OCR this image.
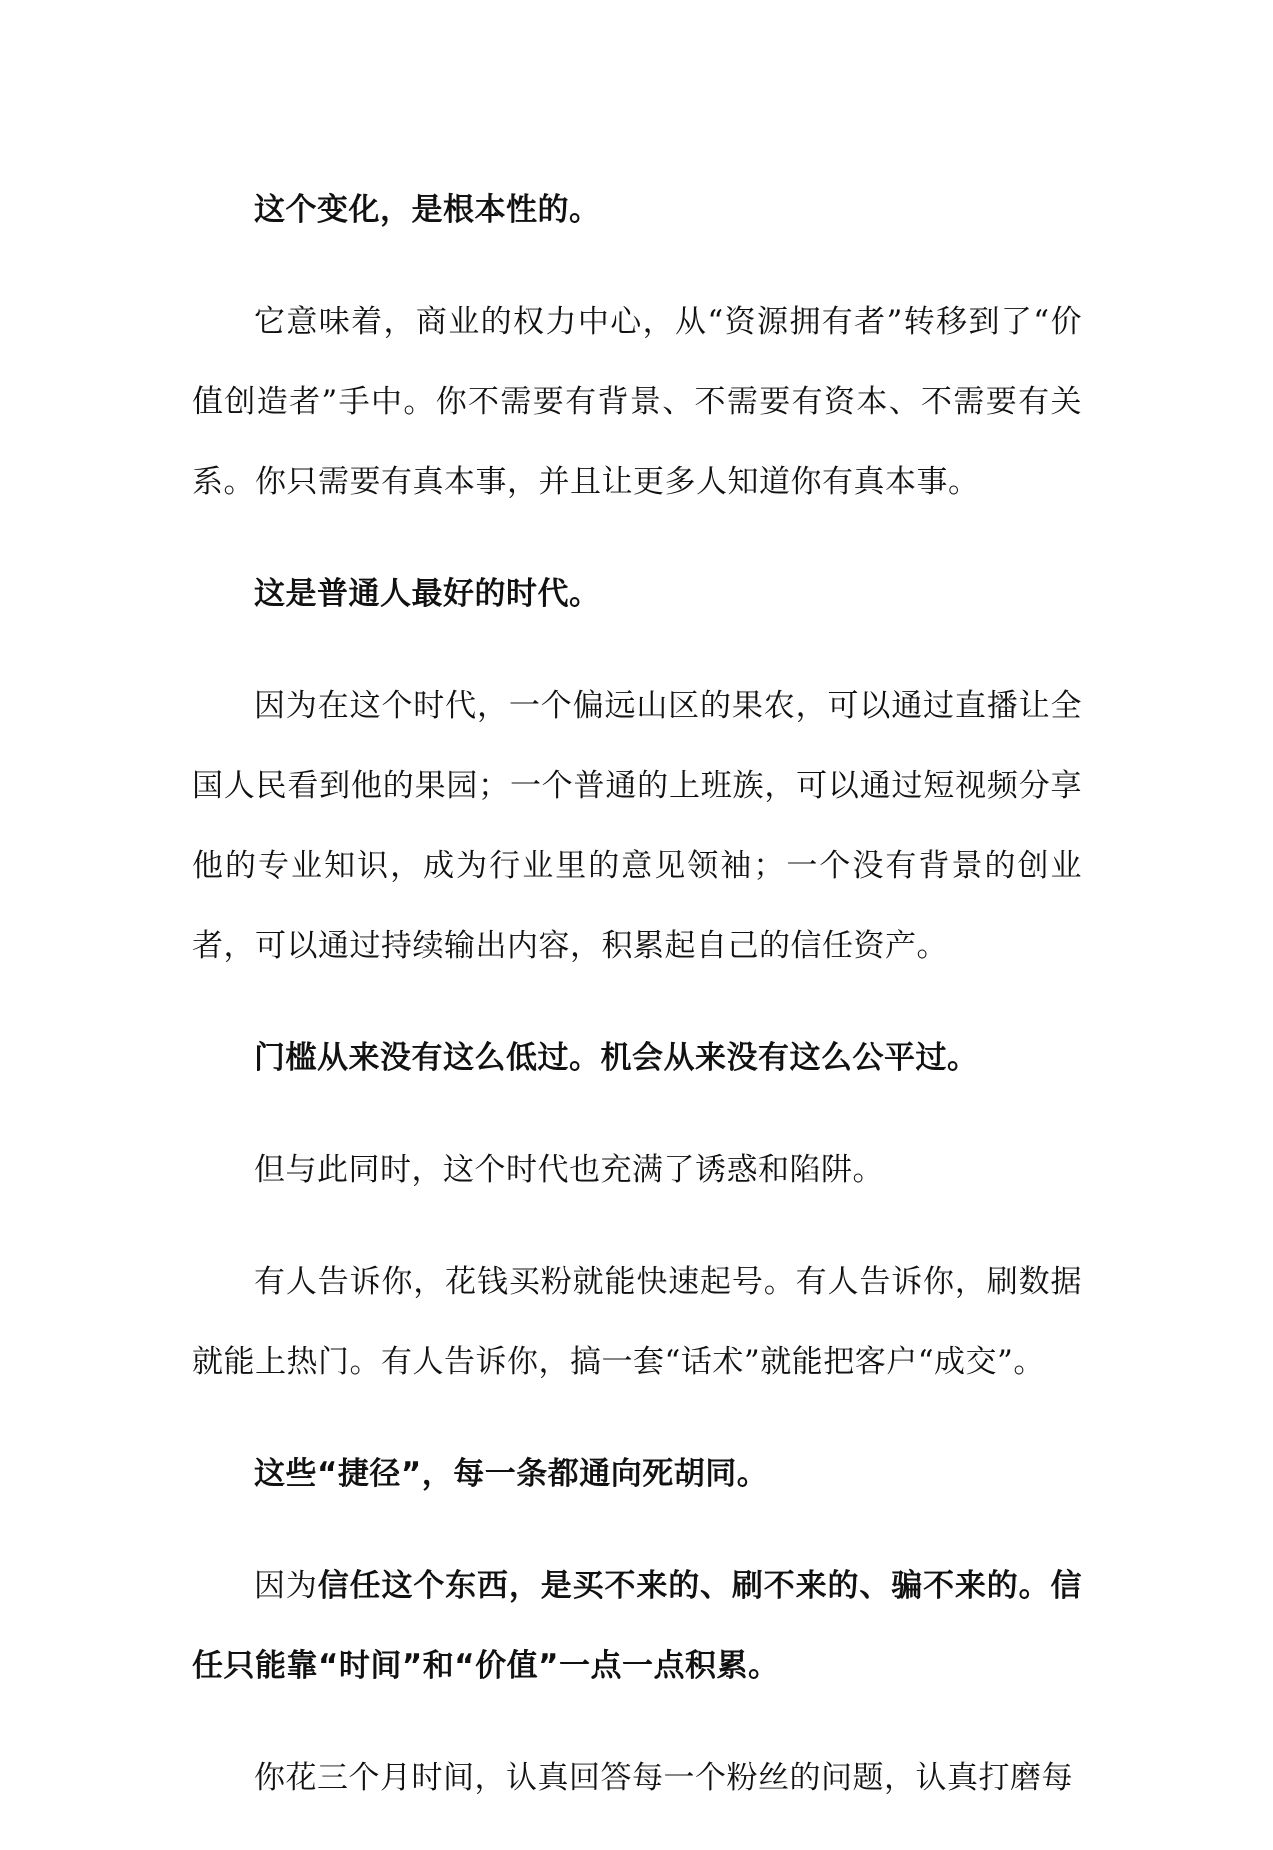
这个变化，是根本性的。

它意味着，商业的权力中心，从“资源拥有者”转移到了“价值创造者”手中。你不需要有背景、不需要有资本、不需要有关系。你只需要有真本事，并且让更多人知道你有真本事。

这是普通人最好的时代。

因为在这个时代，一个偏远山区的果农，可以通过直播让全国人民看到他的果园；一个普通的上班族，可以通过短视频分享他的专业知识，成为行业里的意见领袖；一个没有背景的创业者，可以通过持续输出内容，积累起自己的信任资产。

门槛从来没有这么低过。机会从来没有这么公平过。

但与此同时，这个时代也充满了诱惑和陷阱。

有人告诉你，花钱买粉就能快速起号。有人告诉你，刷数据就能上热门。有人告诉你，搞一套“话术”就能把客户“成交”。

这些“捷径”，每一条都通向死胡同。

因为信任这个东西，是买不来的、刷不来的、骗不来的。信任只能靠“时间”和“价值”一点一点积累。

你花三个月时间，认真回答每一个粉丝的问题，认真打磨每
